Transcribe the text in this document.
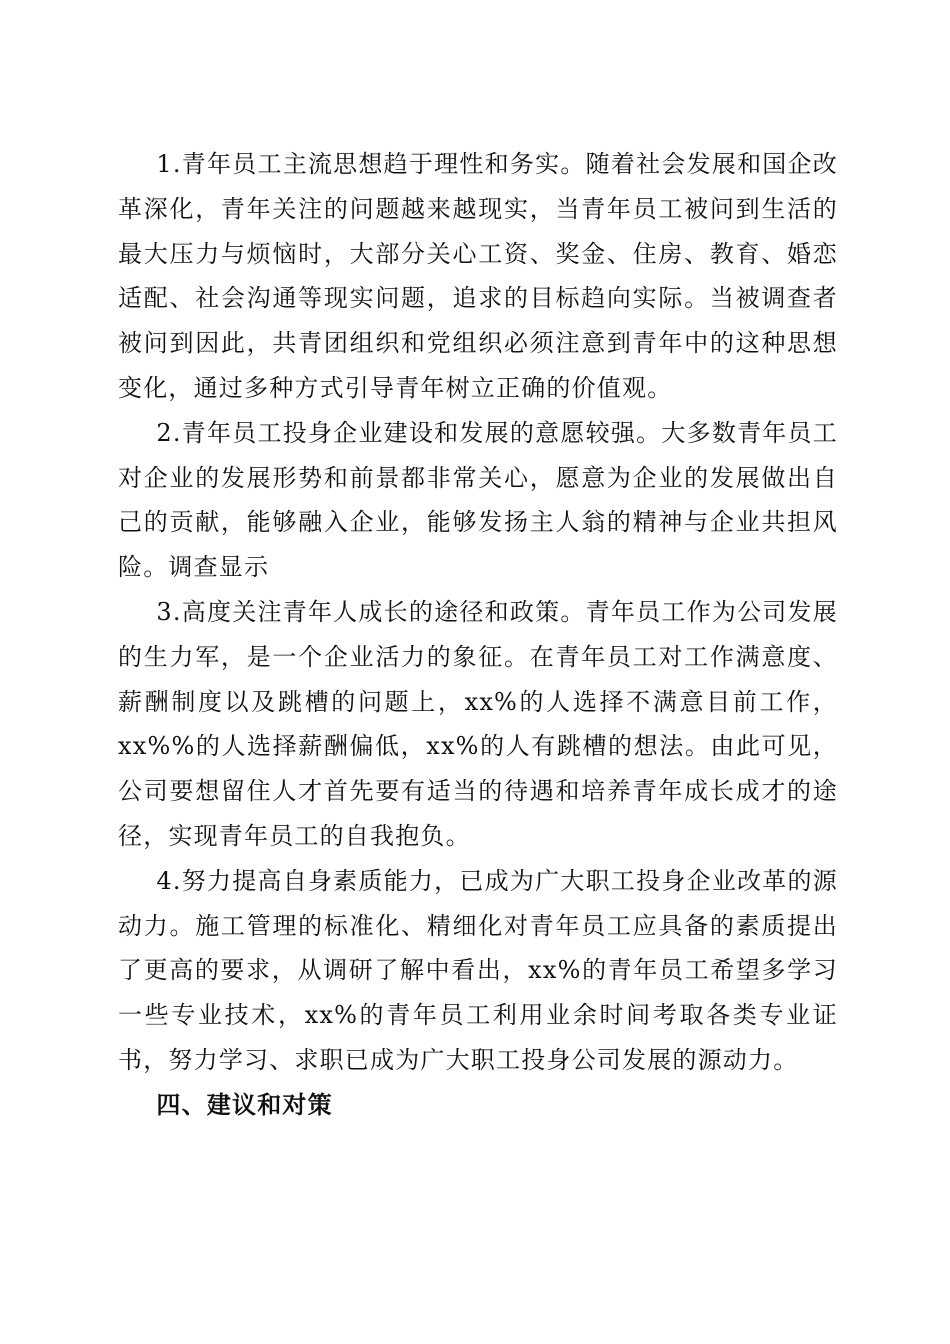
1.青年员工主流思想趋于理性和务实。随着社会发展和国企改革深化，青年关注的问题越来越现实，当青年员工被问到生活的最大压力与烦恼时，大部分关心工资、奖金、住房、教育、婚恋适配、社会沟通等现实问题，追求的目标趋向实际。当被调查者被问到因此，共青团组织和党组织必须注意到青年中的这种思想变化，通过多种方式引导青年树立正确的价值观。

2.青年员工投身企业建设和发展的意愿较强。大多数青年员工对企业的发展形势和前景都非常关心，愿意为企业的发展做出自己的贡献，能够融入企业，能够发扬主人翁的精神与企业共担风险。调查显示

3.高度关注青年人成长的途径和政策。青年员工作为公司发展的生力军，是一个企业活力的象征。在青年员工对工作满意度、薪酬制度以及跳槽的问题上，xx%的人选择不满意目前工作，xx%%的人选择薪酬偏低，xx%的人有跳槽的想法。由此可见，公司要想留住人才首先要有适当的待遇和培养青年成长成才的途径，实现青年员工的自我抱负。

4.努力提高自身素质能力，已成为广大职工投身企业改革的源动力。施工管理的标准化、精细化对青年员工应具备的素质提出了更高的要求，从调研了解中看出，xx%的青年员工希望多学习一些专业技术，xx%的青年员工利用业余时间考取各类专业证书，努力学习、求职已成为广大职工投身公司发展的源动力。

四、建议和对策
